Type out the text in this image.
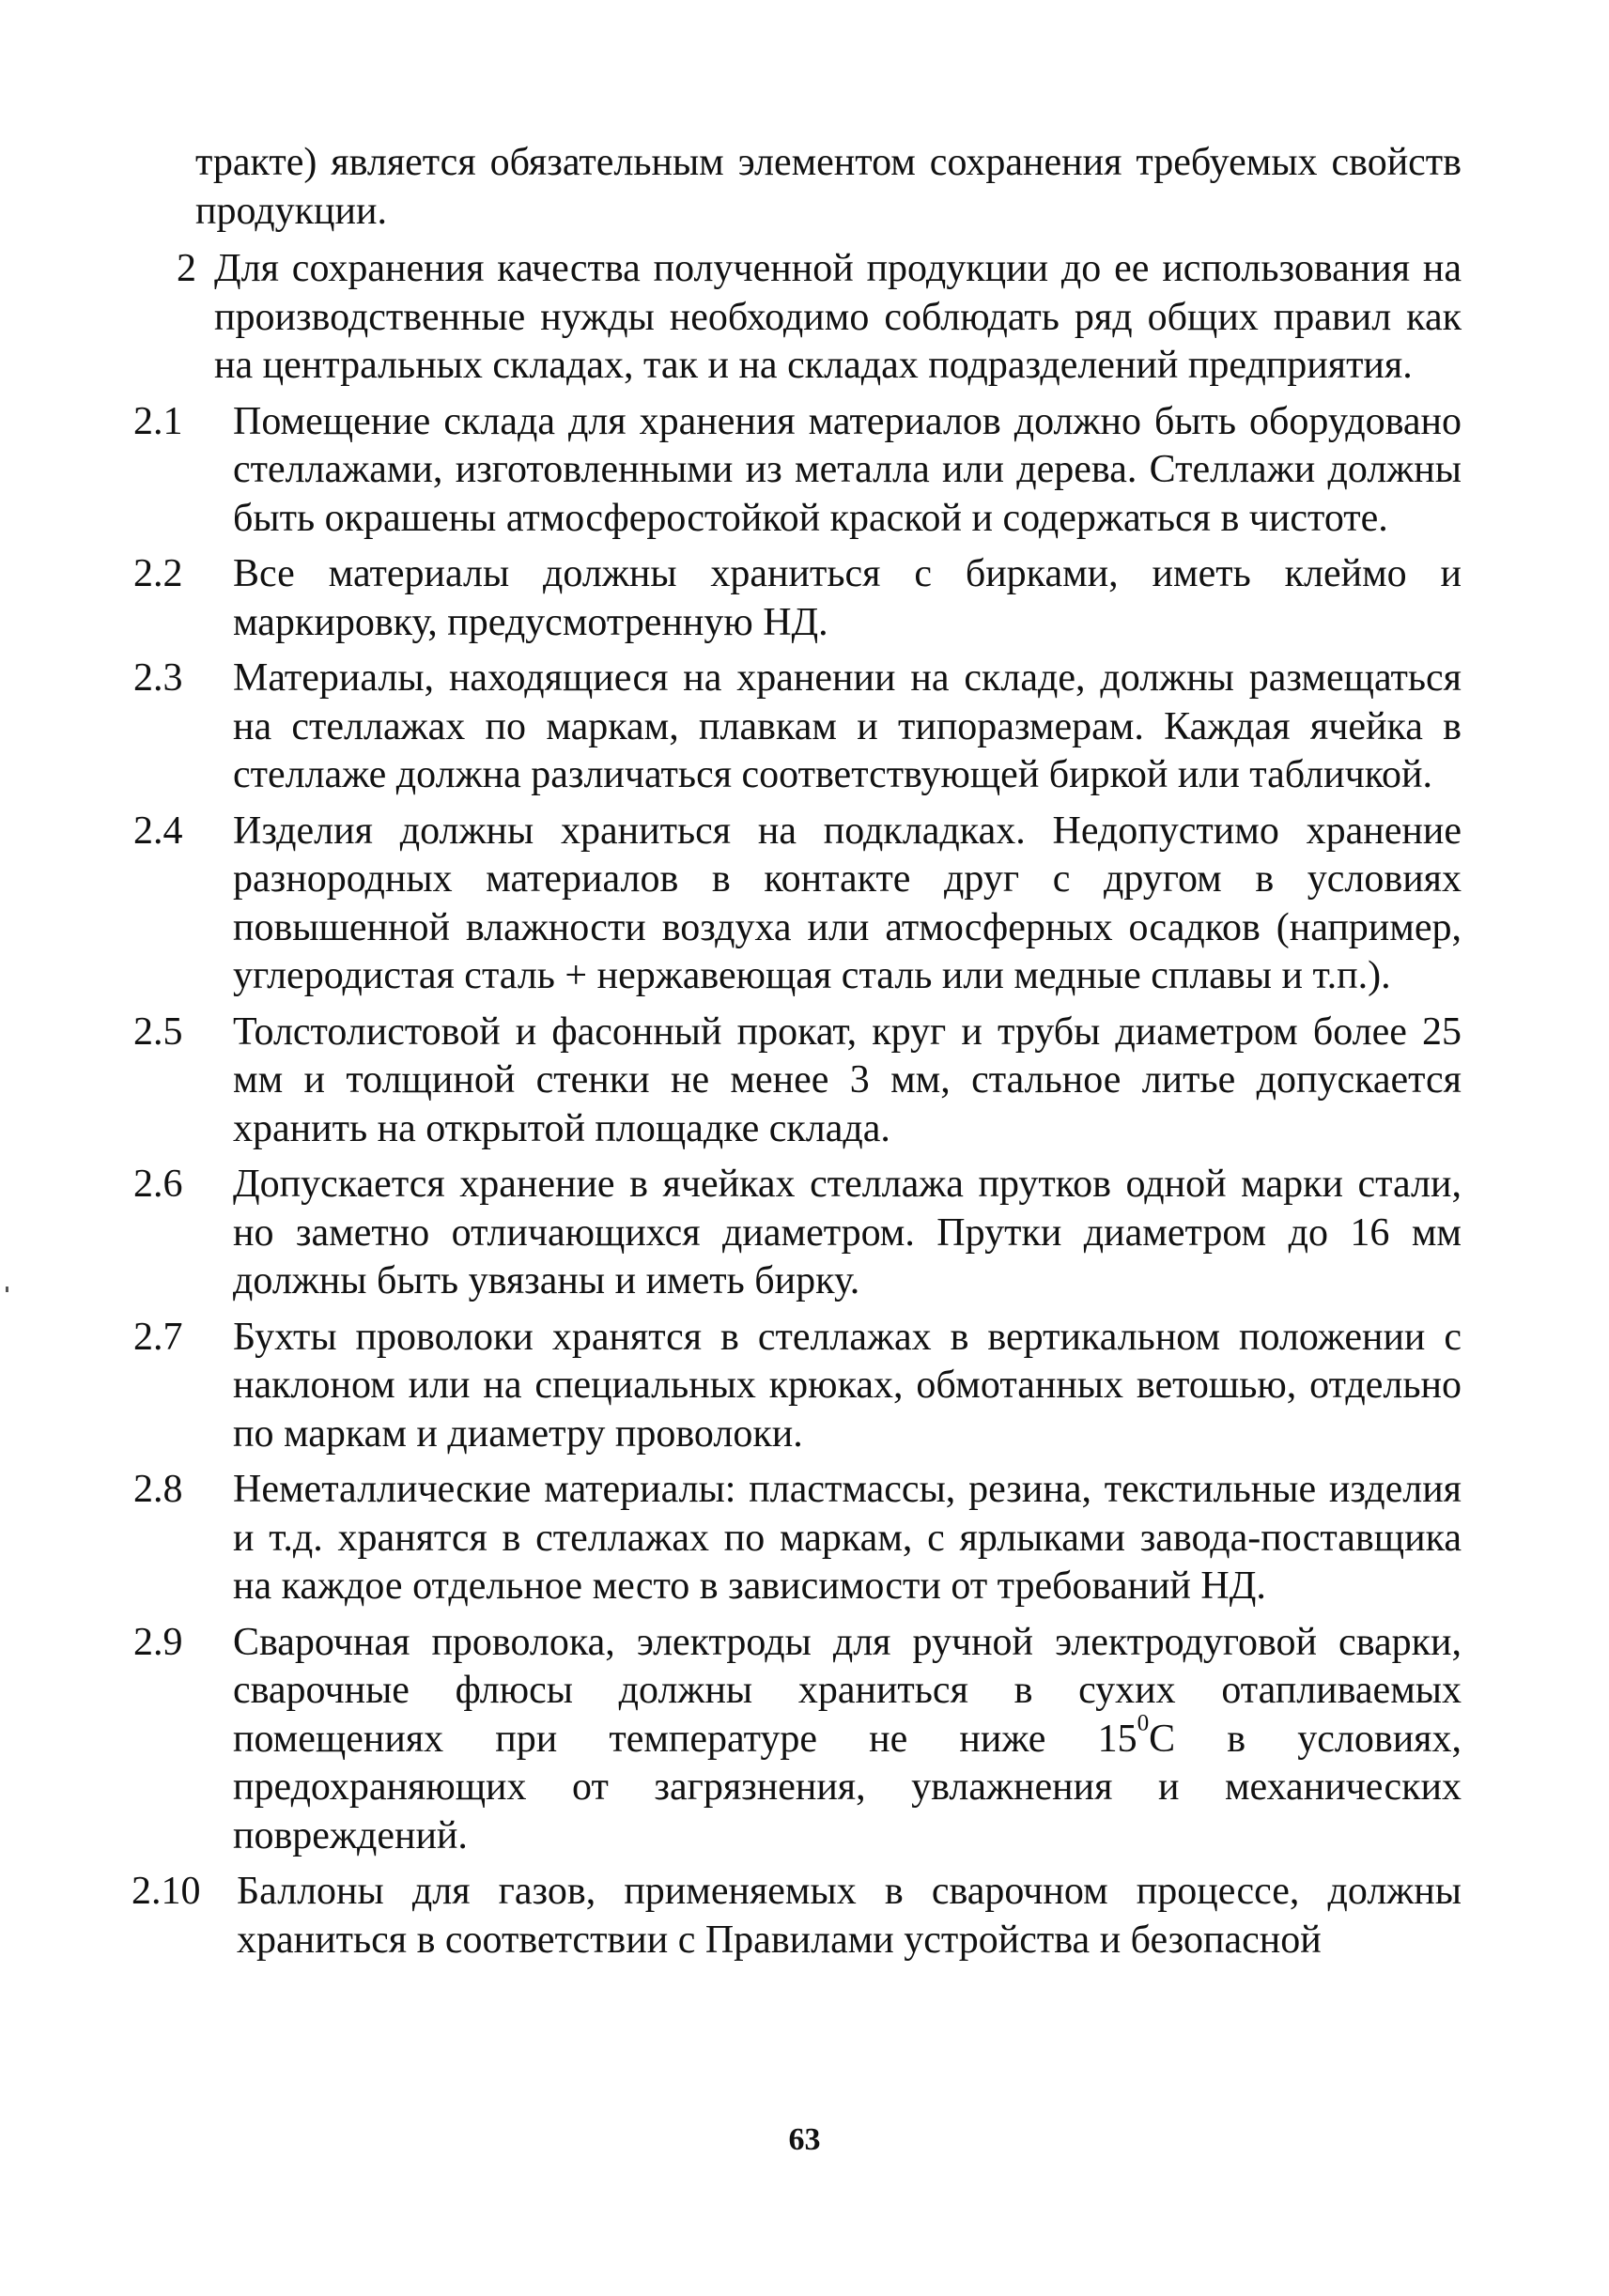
тракте) является обязательным элементом сохранения требуемых свойств продукции.

2 Для сохранения качества полученной продукции до ее использования на производственные нужды необходимо соблюдать ряд общих правил как на центральных складах, так и на складах подразделений предприятия.

2.1 Помещение склада для хранения материалов должно быть оборудовано стеллажами, изготовленными из металла или дерева. Стеллажи должны быть окрашены атмосферостойкой краской и содержаться в чистоте.

2.2 Все материалы должны храниться с бирками, иметь клеймо и маркировку, предусмотренную НД.

2.3 Материалы, находящиеся на хранении на складе, должны размещаться на стеллажах по маркам, плавкам и типоразмерам. Каждая ячейка в стеллаже должна различаться соответствующей биркой или табличкой.

2.4 Изделия должны храниться на подкладках. Недопустимо хранение разнородных материалов в контакте друг с другом в условиях повышенной влажности воздуха или атмосферных осадков (например, углеродистая сталь + нержавеющая сталь или медные сплавы и т.п.).

2.5 Толстолистовой и фасонный прокат, круг и трубы диаметром более 25 мм и толщиной стенки не менее 3 мм, стальное литье допускается хранить на открытой площадке склада.

2.6 Допускается хранение в ячейках стеллажа прутков одной марки стали, но заметно отличающихся диаметром. Прутки диаметром до 16 мм должны быть увязаны и иметь бирку.

2.7 Бухты проволоки хранятся в стеллажах в вертикальном положении с наклоном или на специальных крюках, обмотанных ветошью, отдельно по маркам и диаметру проволоки.

2.8 Неметаллические материалы: пластмассы, резина, текстильные изделия и т.д. хранятся в стеллажах по маркам, с ярлыками завода-поставщика на каждое отдельное место в зависимости от требований НД.

2.9 Сварочная проволока, электроды для ручной электродуговой сварки, сварочные флюсы должны храниться в сухих отапливаемых помещениях при температуре не ниже $15^0С$ в условиях, предохраняющих от загрязнения, увлажнения и механических повреждений.

2.10 Баллоны для газов, применяемых в сварочном процессе, должны храниться в соответствии с Правилами устройства и безопасной

63
